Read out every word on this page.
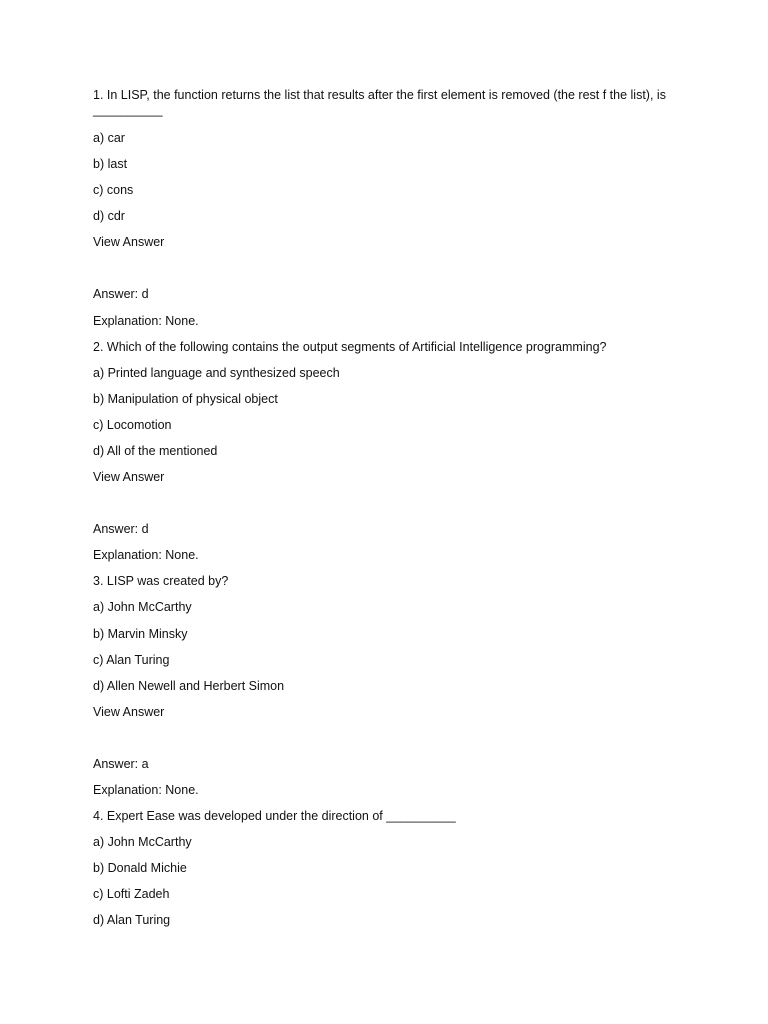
1. In LISP, the function returns the list that results after the first element is removed (the rest f the list), is __________
a) car
b) last
c) cons
d) cdr
View Answer
Answer: d
Explanation: None.
2. Which of the following contains the output segments of Artificial Intelligence programming?
a) Printed language and synthesized speech
b) Manipulation of physical object
c) Locomotion
d) All of the mentioned
View Answer
Answer: d
Explanation: None.
3. LISP was created by?
a) John McCarthy
b) Marvin Minsky
c) Alan Turing
d) Allen Newell and Herbert Simon
View Answer
Answer: a
Explanation: None.
4. Expert Ease was developed under the direction of __________
a) John McCarthy
b) Donald Michie
c) Lofti Zadeh
d) Alan Turing
